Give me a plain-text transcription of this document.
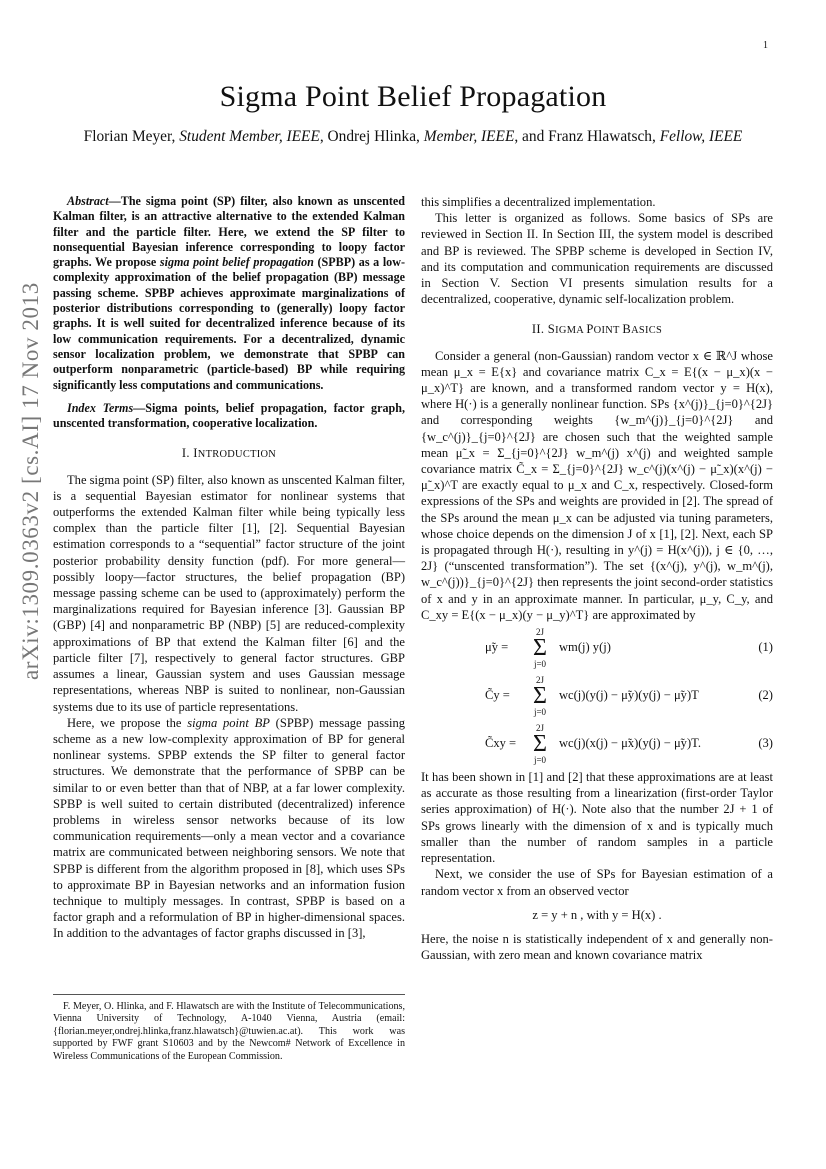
1
arXiv:1309.0363v2 [cs.AI] 17 Nov 2013
Sigma Point Belief Propagation
Florian Meyer, Student Member, IEEE, Ondrej Hlinka, Member, IEEE, and Franz Hlawatsch, Fellow, IEEE

Abstract—The sigma point (SP) filter, also known as unscented Kalman filter, is an attractive alternative to the extended Kalman filter and the particle filter. Here, we extend the SP filter to nonsequential Bayesian inference corresponding to loopy factor graphs. We propose sigma point belief propagation (SPBP) as a low-complexity approximation of the belief propagation (BP) message passing scheme. SPBP achieves approximate marginalizations of posterior distributions corresponding to (generally) loopy factor graphs. It is well suited for decentralized inference because of its low communication requirements. For a decentralized, dynamic sensor localization problem, we demonstrate that SPBP can outperform nonparametric (particle-based) BP while requiring significantly less computations and communications.

Index Terms—Sigma points, belief propagation, factor graph, unscented transformation, cooperative localization.

I. INTRODUCTION

The sigma point (SP) filter, also known as unscented Kalman filter, is a sequential Bayesian estimator for nonlinear systems that outperforms the extended Kalman filter while being typically less complex than the particle filter [1], [2]. Sequential Bayesian estimation corresponds to a “sequential” factor structure of the joint posterior probability density function (pdf). For more general—possibly loopy—factor structures, the belief propagation (BP) message passing scheme can be used to (approximately) perform the marginalizations required for Bayesian inference [3]. Gaussian BP (GBP) [4] and nonparametric BP (NBP) [5] are reduced-complexity approximations of BP that extend the Kalman filter [6] and the particle filter [7], respectively to general factor structures. GBP assumes a linear, Gaussian system and uses Gaussian message representations, whereas NBP is suited to nonlinear, non-Gaussian systems due to its use of particle representations.

Here, we propose the sigma point BP (SPBP) message passing scheme as a new low-complexity approximation of BP for general nonlinear systems. SPBP extends the SP filter to general factor structures. We demonstrate that the performance of SPBP can be similar to or even better than that of NBP, at a far lower complexity. SPBP is well suited to certain distributed (decentralized) inference problems in wireless sensor networks because of its low communication requirements—only a mean vector and a covariance matrix are communicated between neighboring sensors. We note that SPBP is different from the algorithm proposed in [8], which uses SPs to approximate BP in Bayesian networks and an information fusion technique to multiply messages. In contrast, SPBP is based on a factor graph and a reformulation of BP in higher-dimensional spaces. In addition to the advantages of factor graphs discussed in [3],

F. Meyer, O. Hlinka, and F. Hlawatsch are with the Institute of Telecommunications, Vienna University of Technology, A-1040 Vienna, Austria (email: {florian.meyer,ondrej.hlinka,franz.hlawatsch}@tuwien.ac.at). This work was supported by FWF grant S10603 and by the Newcom# Network of Excellence in Wireless Communications of the European Commission.

this simplifies a decentralized implementation.

This letter is organized as follows. Some basics of SPs are reviewed in Section II. In Section III, the system model is described and BP is reviewed. The SPBP scheme is developed in Section IV, and its computation and communication requirements are discussed in Section V. Section VI presents simulation results for a decentralized, cooperative, dynamic self-localization problem.

II. SIGMA POINT BASICS

Consider a general (non-Gaussian) random vector x ∈ ℝ^J whose mean μ_x = E{x} and covariance matrix C_x = E{(x − μ_x)(x − μ_x)^T} are known, and a transformed random vector y = H(x), where H(·) is a generally nonlinear function. SPs {x^(j)}_{j=0}^{2J} and corresponding weights {w_m^(j)}_{j=0}^{2J} and {w_c^(j)}_{j=0}^{2J} are chosen such that the weighted sample mean μ̃_x = Σ_{j=0}^{2J} w_m^(j) x^(j) and weighted sample covariance matrix C̃_x = Σ_{j=0}^{2J} w_c^(j)(x^(j) − μ̃_x)(x^(j) − μ̃_x)^T are exactly equal to μ_x and C_x, respectively. Closed-form expressions of the SPs and weights are provided in [2]. The spread of the SPs around the mean μ_x can be adjusted via tuning parameters, whose choice depends on the dimension J of x [1], [2]. Next, each SP is propagated through H(·), resulting in y^(j) = H(x^(j)), j ∈ {0, …, 2J} (“unscented transformation”). The set {(x^(j), y^(j), w_m^(j), w_c^(j))}_{j=0}^{2J} then represents the joint second-order statistics of x and y in an approximate manner. In particular, μ_y, C_y, and C_xy = E{(x − μ_x)(y − μ_y)^T} are approximated by

μ̃y =
2J
Σ
j=0
wm(j) y(j)	(1)
C̃y =
2J
Σ
j=0
wc(j)(y(j) − μ̃y)(y(j) − μ̃y)T	(2)
C̃xy =
2J
Σ
j=0
wc(j)(x(j) − μ̃x)(y(j) − μ̃y)T.	(3)

It has been shown in [1] and [2] that these approximations are at least as accurate as those resulting from a linearization (first-order Taylor series approximation) of H(·). Note also that the number 2J + 1 of SPs grows linearly with the dimension of x and is typically much smaller than the number of random samples in a particle representation.

Next, we consider the use of SPs for Bayesian estimation of a random vector x from an observed vector

z = y + n , with y = H(x) .

Here, the noise n is statistically independent of x and generally non-Gaussian, with zero mean and known covariance matrix
